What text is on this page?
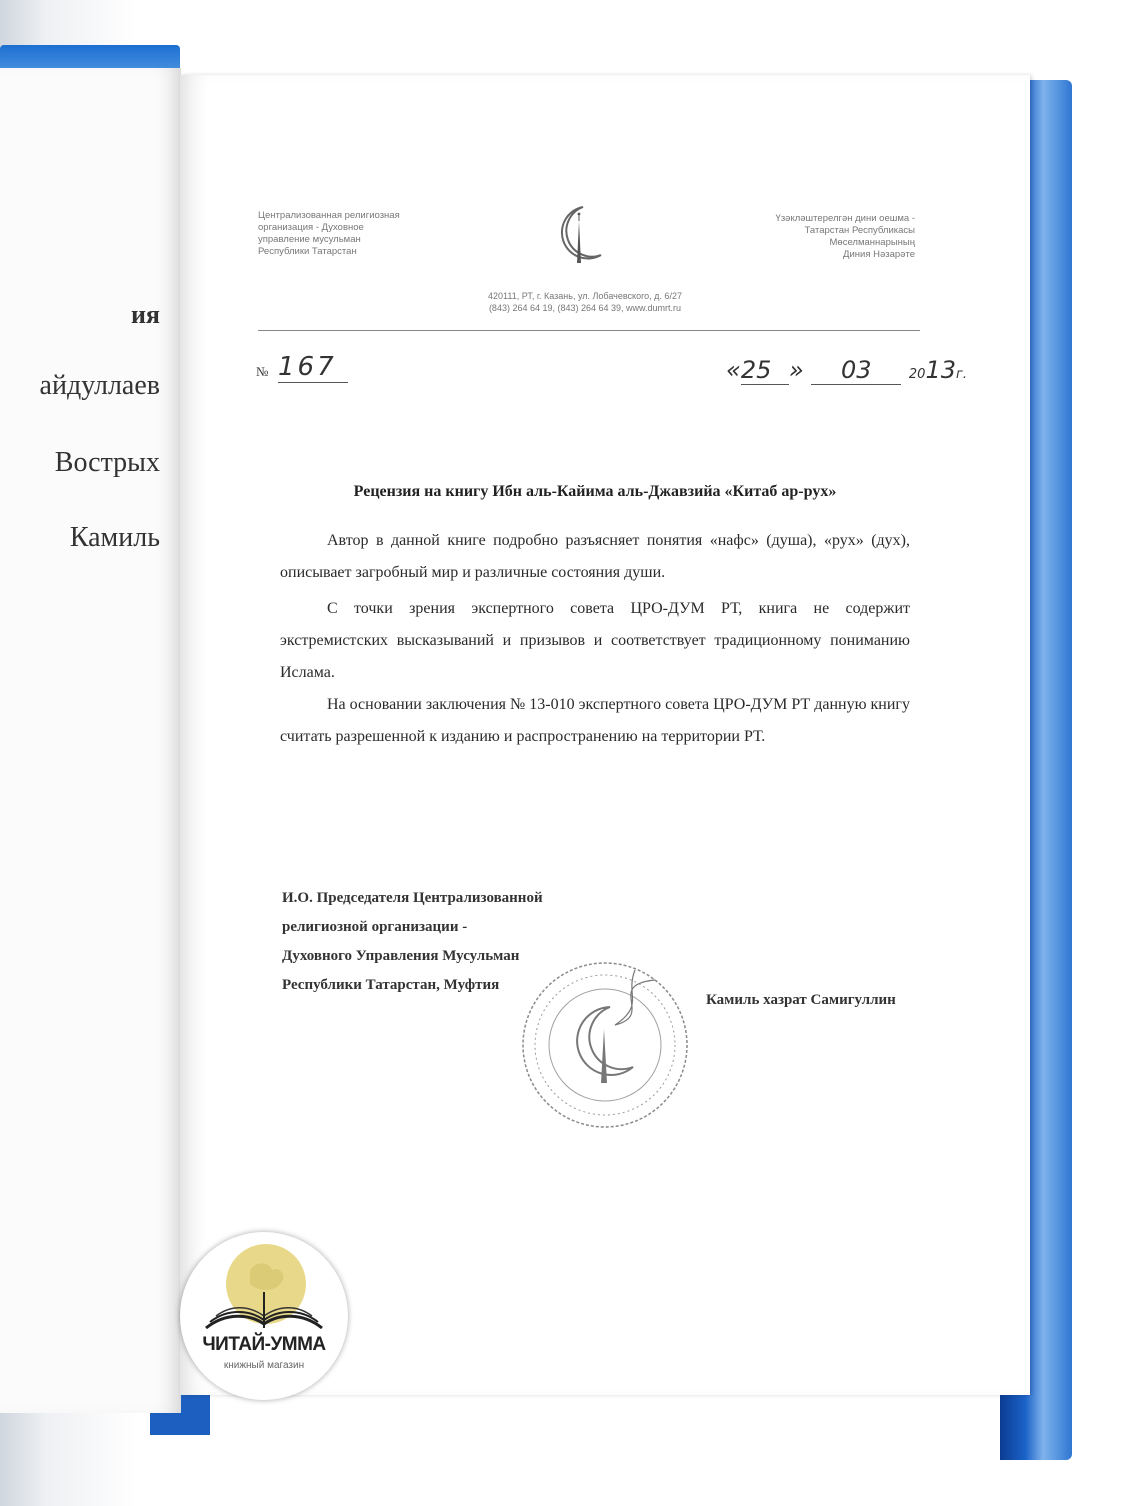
ия
айдуллаев
Вострых
Камиль
Централизованная религиозная
организация - Духовное
управление мусульман
Республики Татарстан
Үзәкләштерелгән дини оешма -
Татарстан Республикасы
Мөселманнарының
Диния Нәзарәте
420111, РТ, г. Казань, ул. Лобачевского, д. 6/27
(843) 264 64 19, (843) 264 64 39, www.dumrt.ru
№ 167	«25 » 03	2013г.
Рецензия на книгу Ибн аль-Кайима аль-Джавзийа «Китаб ар-рух»
Автор в данной книге подробно разъясняет понятия «нафс» (душа), «рух» (дух), описывает загробный мир и различные состояния души.
С точки зрения экспертного совета ЦРО-ДУМ РТ, книга не содержит экстремистских высказываний и призывов и соответствует традиционному пониманию Ислама.
На основании заключения № 13-010 экспертного совета ЦРО-ДУМ РТ данную книгу считать разрешенной к изданию и распространению на территории РТ.
И.О. Председателя Централизованной
религиозной организации -
Духовного Управления Мусульман
Республики Татарстан, Муфтия
Камиль хазрат Самигуллин
ЧИТАЙ-УММА
книжный магазин
